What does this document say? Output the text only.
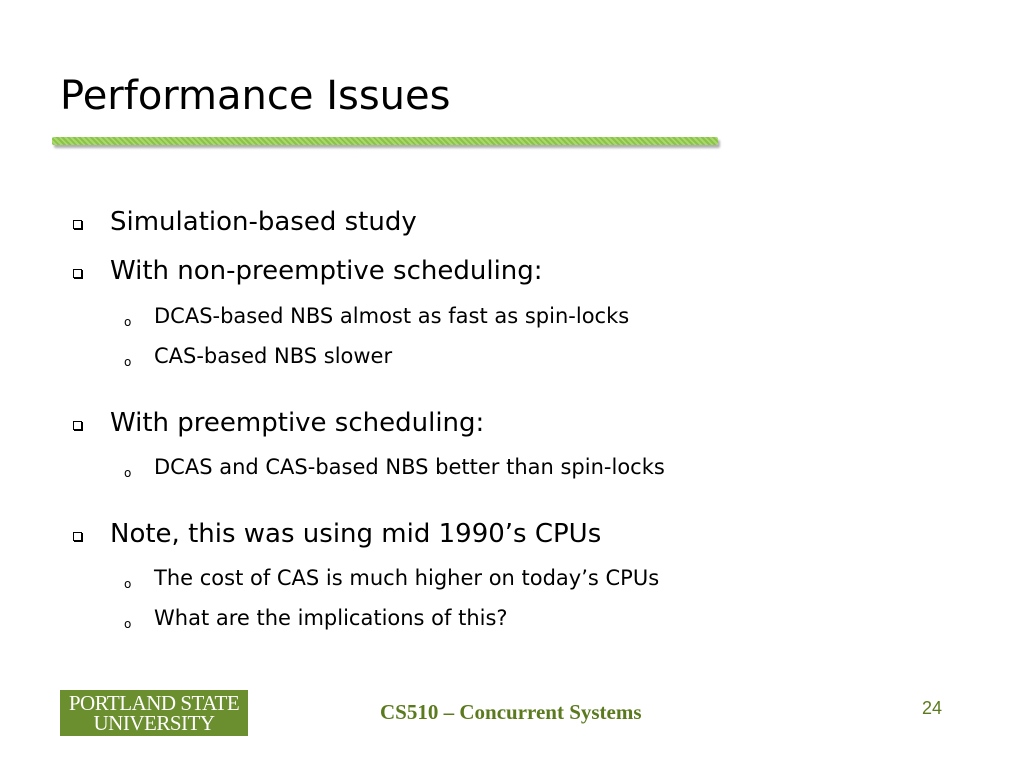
Performance Issues
Simulation-based study
With non-preemptive scheduling:
o DCAS-based NBS almost as fast as spin-locks
o CAS-based NBS slower
With preemptive scheduling:
o DCAS and CAS-based NBS better than spin-locks
Note, this was using mid 1990’s CPUs
o The cost of CAS is much higher on today’s CPUs
o What are the implications of this?
PORTLAND STATE
UNIVERSITY	CS510 – Concurrent Systems	24
